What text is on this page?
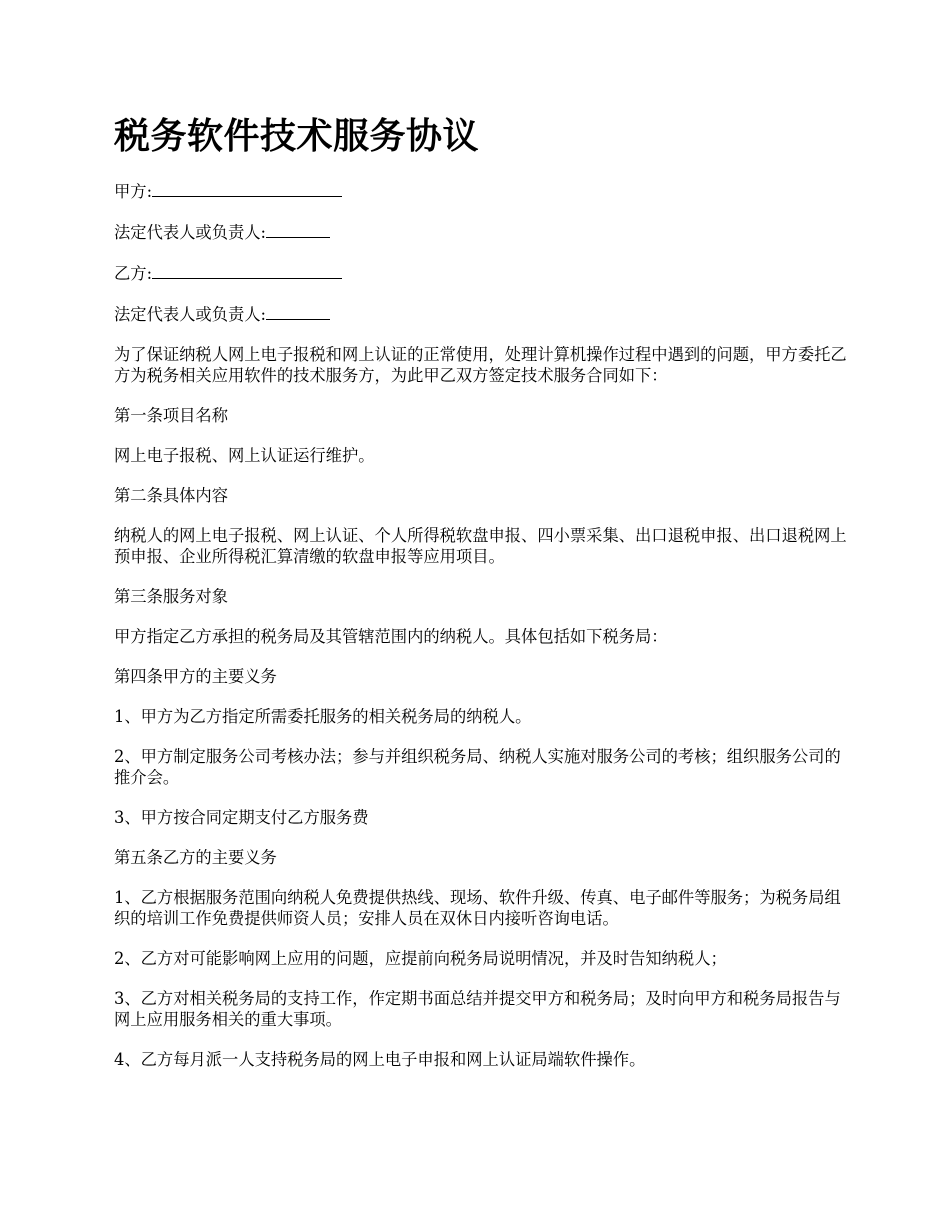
税务软件技术服务协议

甲方:

法定代表人或负责人:

乙方:

法定代表人或负责人:

为了保证纳税人网上电子报税和网上认证的正常使用，处理计算机操作过程中遇到的问题，甲方委托乙方为税务相关应用软件的技术服务方，为此甲乙双方签定技术服务合同如下：

第一条项目名称

网上电子报税、网上认证运行维护。

第二条具体内容

纳税人的网上电子报税、网上认证、个人所得税软盘申报、四小票采集、出口退税申报、出口退税网上预申报、企业所得税汇算清缴的软盘申报等应用项目。

第三条服务对象

甲方指定乙方承担的税务局及其管辖范围内的纳税人。具体包括如下税务局：

第四条甲方的主要义务

1、甲方为乙方指定所需委托服务的相关税务局的纳税人。

2、甲方制定服务公司考核办法；参与并组织税务局、纳税人实施对服务公司的考核；组织服务公司的推介会。

3、甲方按合同定期支付乙方服务费

第五条乙方的主要义务

1、乙方根据服务范围向纳税人免费提供热线、现场、软件升级、传真、电子邮件等服务；为税务局组织的培训工作免费提供师资人员；安排人员在双休日内接听咨询电话。

2、乙方对可能影响网上应用的问题，应提前向税务局说明情况，并及时告知纳税人；

3、乙方对相关税务局的支持工作，作定期书面总结并提交甲方和税务局；及时向甲方和税务局报告与网上应用服务相关的重大事项。

4、乙方每月派一人支持税务局的网上电子申报和网上认证局端软件操作。
